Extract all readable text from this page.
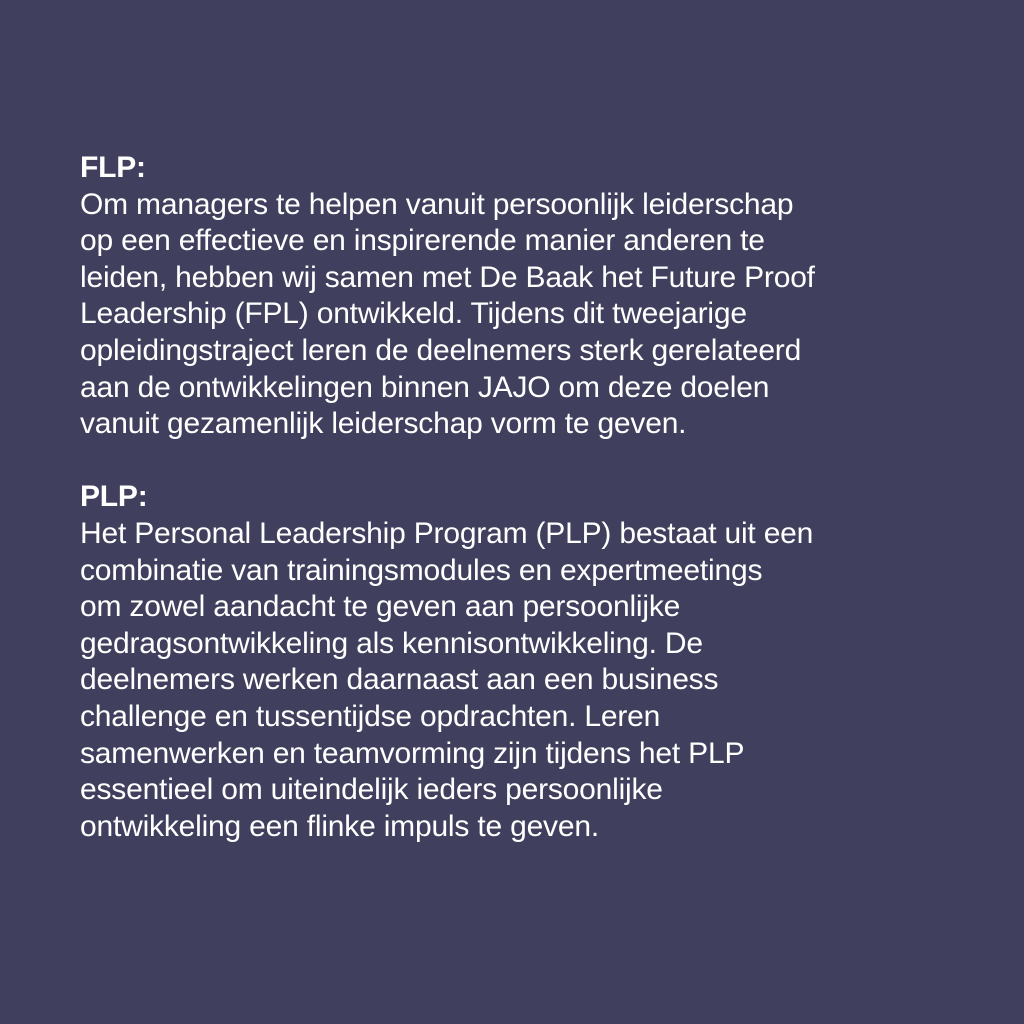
FLP:
Om managers te helpen vanuit persoonlijk leiderschap
op een effectieve en inspirerende manier anderen te
leiden, hebben wij samen met De Baak het Future Proof
Leadership (FPL) ontwikkeld. Tijdens dit tweejarige
opleidingstraject leren de deelnemers sterk gerelateerd
aan de ontwikkelingen binnen JAJO om deze doelen
vanuit gezamenlijk leiderschap vorm te geven.
PLP:
Het Personal Leadership Program (PLP) bestaat uit een
combinatie van trainingsmodules en expertmeetings
om zowel aandacht te geven aan persoonlijke
gedragsontwikkeling als kennisontwikkeling. De
deelnemers werken daarnaast aan een business
challenge en tussentijdse opdrachten. Leren
samenwerken en teamvorming zijn tijdens het PLP
essentieel om uiteindelijk ieders persoonlijke
ontwikkeling een flinke impuls te geven.
